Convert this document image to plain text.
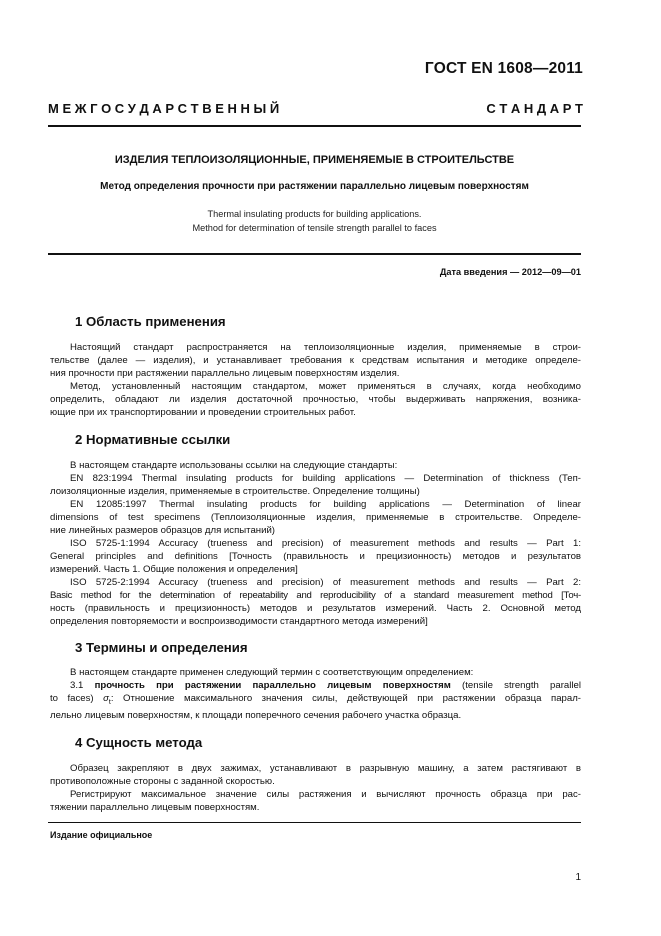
ГОСТ EN 1608—2011
М Е Ж Г О С У Д А Р С Т В Е Н Н Ы Й	С Т А Н Д А Р Т
ИЗДЕЛИЯ ТЕПЛОИЗОЛЯЦИОННЫЕ, ПРИМЕНЯЕМЫЕ В СТРОИТЕЛЬСТВЕ
Метод определения прочности при растяжении параллельно лицевым поверхностям
Thermal insulating products for building applications.
Method for determination of tensile strength parallel to faces
Дата введения — 2012—09—01
1 Область применения
Настоящий стандарт распространяется на теплоизоляционные изделия, применяемые в строи-
тельстве (далее — изделия), и устанавливает требования к средствам испытания и методике определе-
ния прочности при растяжении параллельно лицевым поверхностям изделия.
Метод, установленный настоящим стандартом, может применяться в случаях, когда необходимо
определить, обладают ли изделия достаточной прочностью, чтобы выдерживать напряжения, возника-
ющие при их транспортировании и проведении строительных работ.
2 Нормативные ссылки
В настоящем стандарте использованы ссылки на следующие стандарты:
EN 823:1994 Thermal insulating products for building applications — Determination of thickness (Теп-
лоизоляционные изделия, применяемые в строительстве. Определение толщины)
EN 12085:1997 Thermal insulating products for building applications — Determination of linear
dimensions of test specimens (Теплоизоляционные изделия, применяемые в строительстве. Определе-
ние линейных размеров образцов для испытаний)
ISO 5725-1:1994 Accuracy (trueness and precision) of measurement methods and results — Part 1:
General principles and definitions [Точность (правильность и прецизионность) методов и результатов
измерений. Часть 1. Общие положения и определения]
ISO 5725-2:1994 Accuracy (trueness and precision) of measurement methods and results — Part 2:
Basic method for the determination of repeatability and reproducibility of a standard measurement method [Точ-
ность (правильность и прецизионность) методов и результатов измерений. Часть 2. Основной метод
определения повторяемости и воспроизводимости стандартного метода измерений]
3 Термины и определения
В настоящем стандарте применен следующий термин с соответствующим определением:
3.1 прочность при растяжении параллельно лицевым поверхностям (tensile strength parallel
to faces) $\sigma_t$: Отношение максимального значения силы, действующей при растяжении образца парал-
лельно лицевым поверхностям, к площади поперечного сечения рабочего участка образца.
4 Сущность метода
Образец закрепляют в двух зажимах, устанавливают в разрывную машину, а затем растягивают в
противоположные стороны с заданной скоростью.
Регистрируют максимальное значение силы растяжения и вычисляют прочность образца при рас-
тяжении параллельно лицевым поверхностям.
Издание официальное
1
